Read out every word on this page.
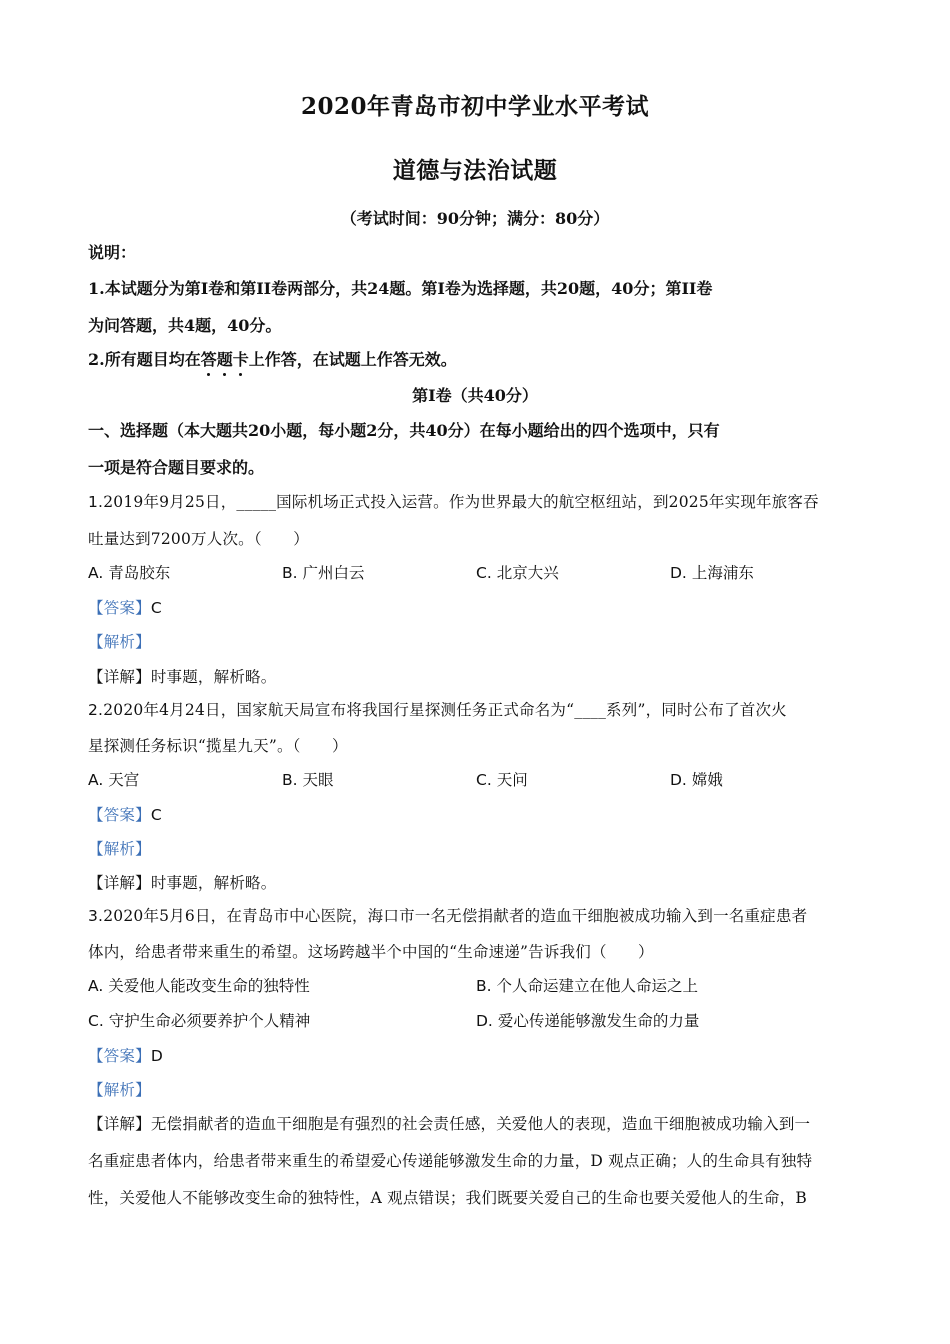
2020年青岛市初中学业水平考试
道德与法治试题
（考试时间：90分钟；满分：80分）
说明：
1.本试题分为第Ⅰ卷和第II卷两部分，共24题。第Ⅰ卷为选择题，共20题，40分；第II卷
为问答题，共4题，40分。
2.所有题目均在答题卡上作答，在试题上作答无效。
第Ⅰ卷（共40分）
一、选择题（本大题共20小题，每小题2分，共40分）在每小题给出的四个选项中，只有
一项是符合题目要求的。
1.2019年9月25日，_____国际机场正式投入运营。作为世界最大的航空枢纽站，到2025年实现年旅客吞
吐量达到7200万人次。（　　）
A. 青岛胶东	B. 广州白云	C. 北京大兴	D. 上海浦东
【答案】C
【解析】
【详解】时事题，解析略。
2.2020年4月24日，国家航天局宣布将我国行星探测任务正式命名为“____系列”，同时公布了首次火
星探测任务标识“揽星九天”。（　　）
A. 天宫	B. 天眼	C. 天问	D. 嫦娥
【答案】C
【解析】
【详解】时事题，解析略。
3.2020年5月6日，在青岛市中心医院，海口市一名无偿捐献者的造血干细胞被成功输入到一名重症患者
体内，给患者带来重生的希望。这场跨越半个中国的“生命速递”告诉我们（　　）
A. 关爱他人能改变生命的独特性	B. 个人命运建立在他人命运之上
C. 守护生命必须要养护个人精神	D. 爱心传递能够激发生命的力量
【答案】D
【解析】
【详解】无偿捐献者的造血干细胞是有强烈的社会责任感，关爱他人的表现，造血干细胞被成功输入到一
名重症患者体内，给患者带来重生的希望爱心传递能够激发生命的力量，D 观点正确；人的生命具有独特
性，关爱他人不能够改变生命的独特性，A 观点错误；我们既要关爱自己的生命也要关爱他人的生命，B
